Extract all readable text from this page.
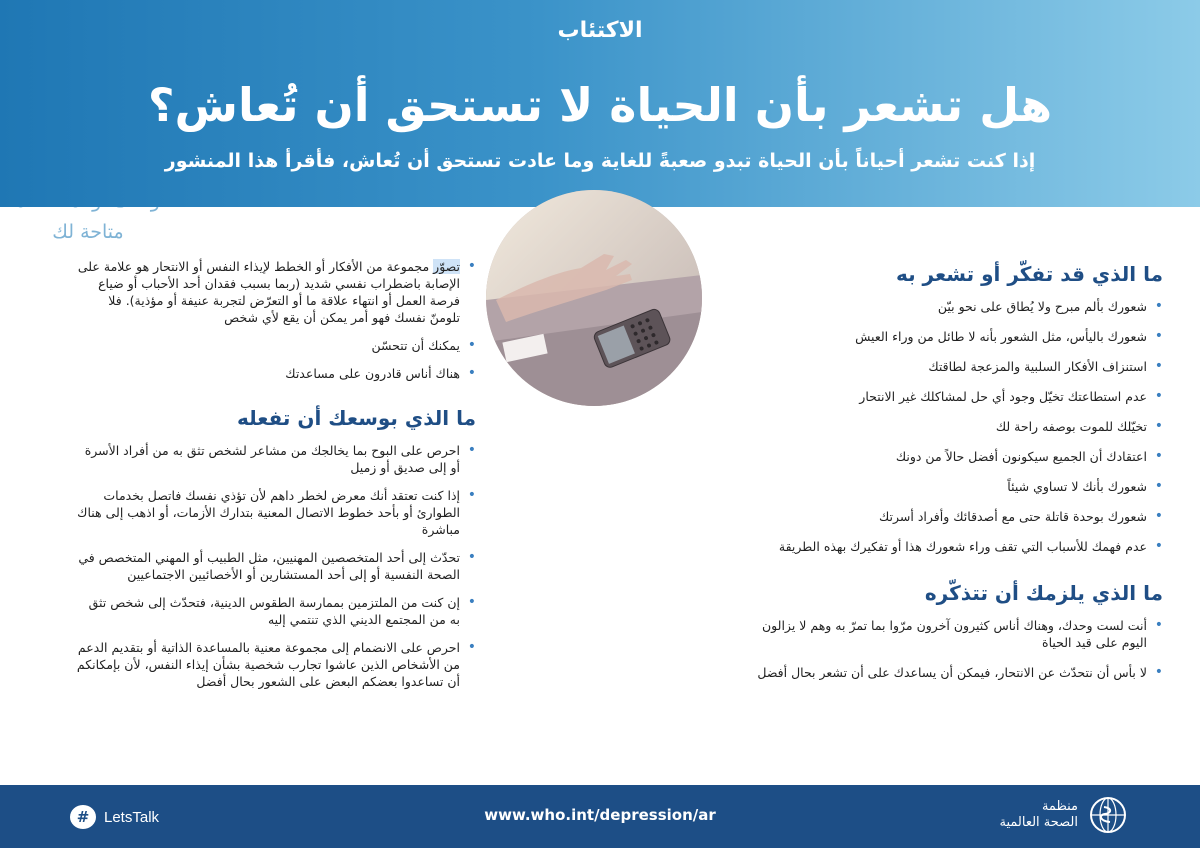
الاكتئاب
هل تشعر بأن الحياة لا تستحق أن تُعاش؟
إذا كنت تشعر أحياناً بأن الحياة تبدو صعبةً للغاية وما عادت تستحق أن تُعاش، فأقرأ هذا المنشور
ما الذي قد تفكّر أو تشعر به
• شعورك بألم مبرح ولا يُطاق على نحو بيّن
• شعورك باليأس، مثل الشعور بأنه لا طائل من وراء العيش
• استنزاف الأفكار السلبية والمزعجة لطاقتك
• عدم استطاعتك تخيّل وجود أي حل لمشاكلك غير الانتحار
• تخيّلك للموت بوصفه راحة لك
• اعتقادك أن الجميع سيكونون أفضل حالاً من دونك
• شعورك بأنك لا تساوي شيئاً
• شعورك بوحدة قاتلة حتى مع أصدقائك وأفراد أسرتك
• عدم فهمك للأسباب التي تقف وراء شعورك هذا أو تفكيرك بهذه الطريقة
ما الذي يلزمك أن تتذكّره
• أنت لست وحدك، وهناك أناس كثيرون آخرون مرّوا بما تمرّ به وهم لا يزالون اليوم على قيد الحياة
• لا بأس أن نتحدّث عن الانتحار، فيمكن أن يساعدك على أن تشعر بحال أفضل
متاحة لك
• تصوّر مجموعة من الأفكار أو الخطط لإيذاء النفس أو الانتحار هو علامة على الإصابة باضطراب نفسي شديد (ربما بسبب فقدان أحد الأحباب أو ضياع فرصة العمل أو انتهاء علاقة ما أو التعرّض لتجربة عنيفة أو مؤذية). فلا تلومنّ نفسك فهو أمر يمكن أن يقع لأي شخص
• يمكنك أن تتحسّن
• هناك أناس قادرون على مساعدتك
ما الذي بوسعك أن تفعله
• احرص على البوح بما يخالجك من مشاعر لشخص تثق به من أفراد الأسرة أو إلى صديق أو زميل
• إذا كنت تعتقد أنك معرض لخطر داهم لأن تؤذي نفسك فاتصل بخدمات الطوارئ أو بأحد خطوط الاتصال المعنية بتدارك الأزمات، أو اذهب إلى هناك مباشرة
• تحدّث إلى أحد المتخصصين المهنيين، مثل الطبيب أو المهني المتخصص في الصحة النفسية أو إلى أحد المستشارين أو الأخصائيين الاجتماعيين
• إن كنت من الملتزمين بممارسة الطقوس الدينية، فتحدّث إلى شخص تثق به من المجتمع الديني الذي تنتمي إليه
• احرص على الانضمام إلى مجموعة معنية بالمساعدة الذاتية أو بتقديم الدعم من الأشخاص الذين عاشوا تجارب شخصية بشأن إيذاء النفس، لأن بإمكانكم أن تساعدوا بعضكم البعض على الشعور بحال أفضل
# LetsTalk	www.who.int/depression/ar	منظمة
الصحة العالمية
